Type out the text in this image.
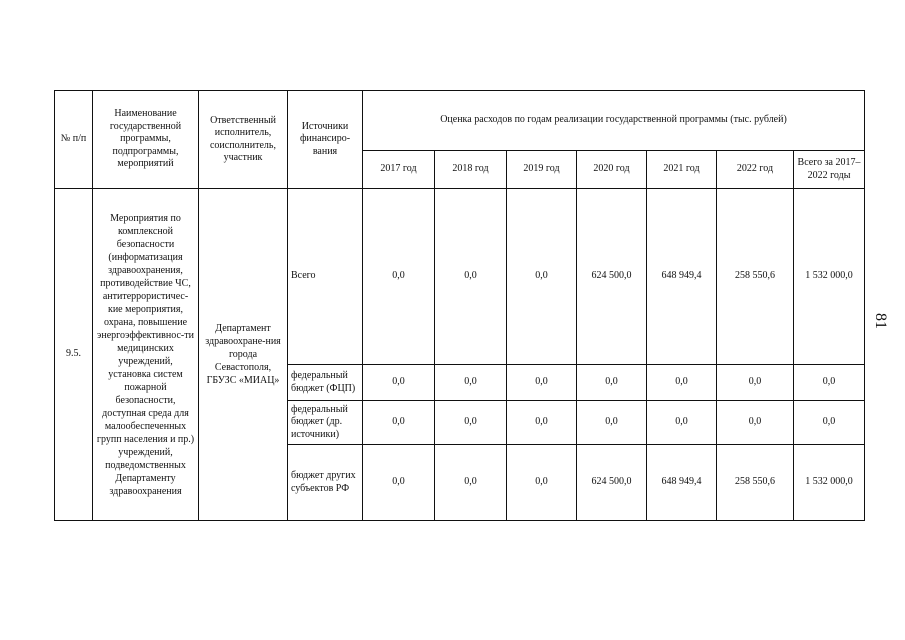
№ п/п	Наименование государственной программы, подпрограммы, мероприятий	Ответственный исполнитель, соисполнитель, участник	Источники финансиро-вания	Оценка расходов по годам реализации государственной программы (тыс. рублей)						
				2017 год	2018 год	2019 год	2020 год	2021 год	2022 год	Всего за 2017–2022 годы
9.5.	Мероприятия по комплексной безопасности (информатизация здравоохранения, противодействие ЧС, антитеррористичес-кие мероприятия, охрана, повышение энергоэффективнос-ти медицинских учреждений, установка систем пожарной безопасности, доступная среда для малообеспеченных групп населения и пр.) учреждений, подведомственных Департаменту здравоохранения	Департамент здравоохране-ния города Севастополя, ГБУЗС «МИАЦ»	Всего	0,0	0,0	0,0	624 500,0	648 949,4	258 550,6	1 532 000,0
			федеральный бюджет (ФЦП)	0,0	0,0	0,0	0,0	0,0	0,0	0,0
			федеральный бюджет (др. источники)	0,0	0,0	0,0	0,0	0,0	0,0	0,0
			бюджет других субъектов РФ	0,0	0,0	0,0	624 500,0	648 949,4	258 550,6	1 532 000,0
81
